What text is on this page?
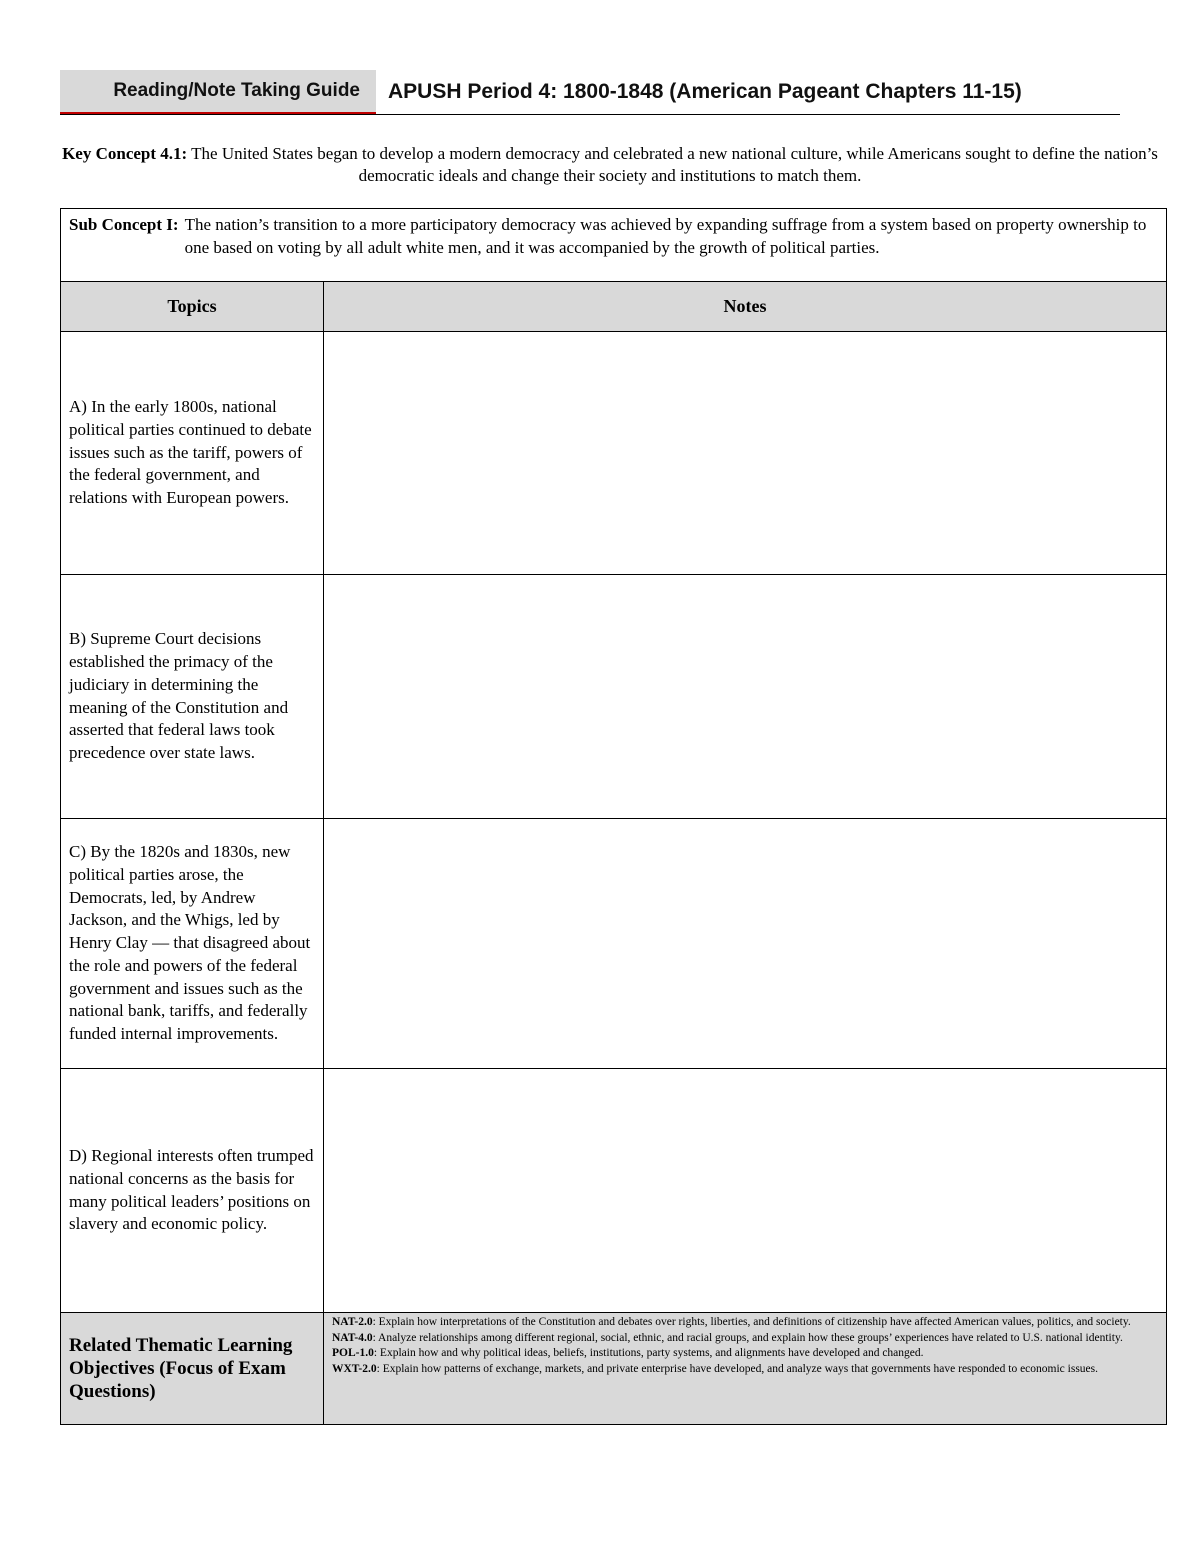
Reading/Note Taking Guide	APUSH Period 4: 1800-1848 (American Pageant Chapters 11-15)
Key Concept 4.1: The United States began to develop a modern democracy and celebrated a new national culture, while Americans sought to define the nation’s democratic ideals and change their society and institutions to match them.
Sub Concept I: The nation’s transition to a more participatory democracy was achieved by expanding suffrage from a system based on property ownership to one based on voting by all adult white men, and it was accompanied by the growth of political parties.	

Topics	Notes
A) In the early 1800s, national political parties continued to debate issues such as the tariff, powers of the federal government, and relations with European powers.	
B) Supreme Court decisions established the primacy of the judiciary in determining the meaning of the Constitution and asserted that federal laws took precedence over state laws.	
C) By the 1820s and 1830s, new political parties arose, the Democrats, led, by Andrew Jackson, and the Whigs, led by Henry Clay — that disagreed about the role and powers of the federal government and issues such as the national bank, tariffs, and federally funded internal improvements.	
D) Regional interests often trumped national concerns as the basis for many political leaders’ positions on slavery and economic policy.	
Related Thematic Learning Objectives (Focus of Exam Questions)	NAT-2.0: Explain how interpretations of the Constitution and debates over rights, liberties, and definitions of citizenship have affected American values, politics, and society.

NAT-4.0: Analyze relationships among different regional, social, ethnic, and racial groups, and explain how these groups’ experiences have related to U.S. national identity.

POL-1.0: Explain how and why political ideas, beliefs, institutions, party systems, and alignments have developed and changed.

WXT-2.0: Explain how patterns of exchange, markets, and private enterprise have developed, and analyze ways that governments have responded to economic issues.
